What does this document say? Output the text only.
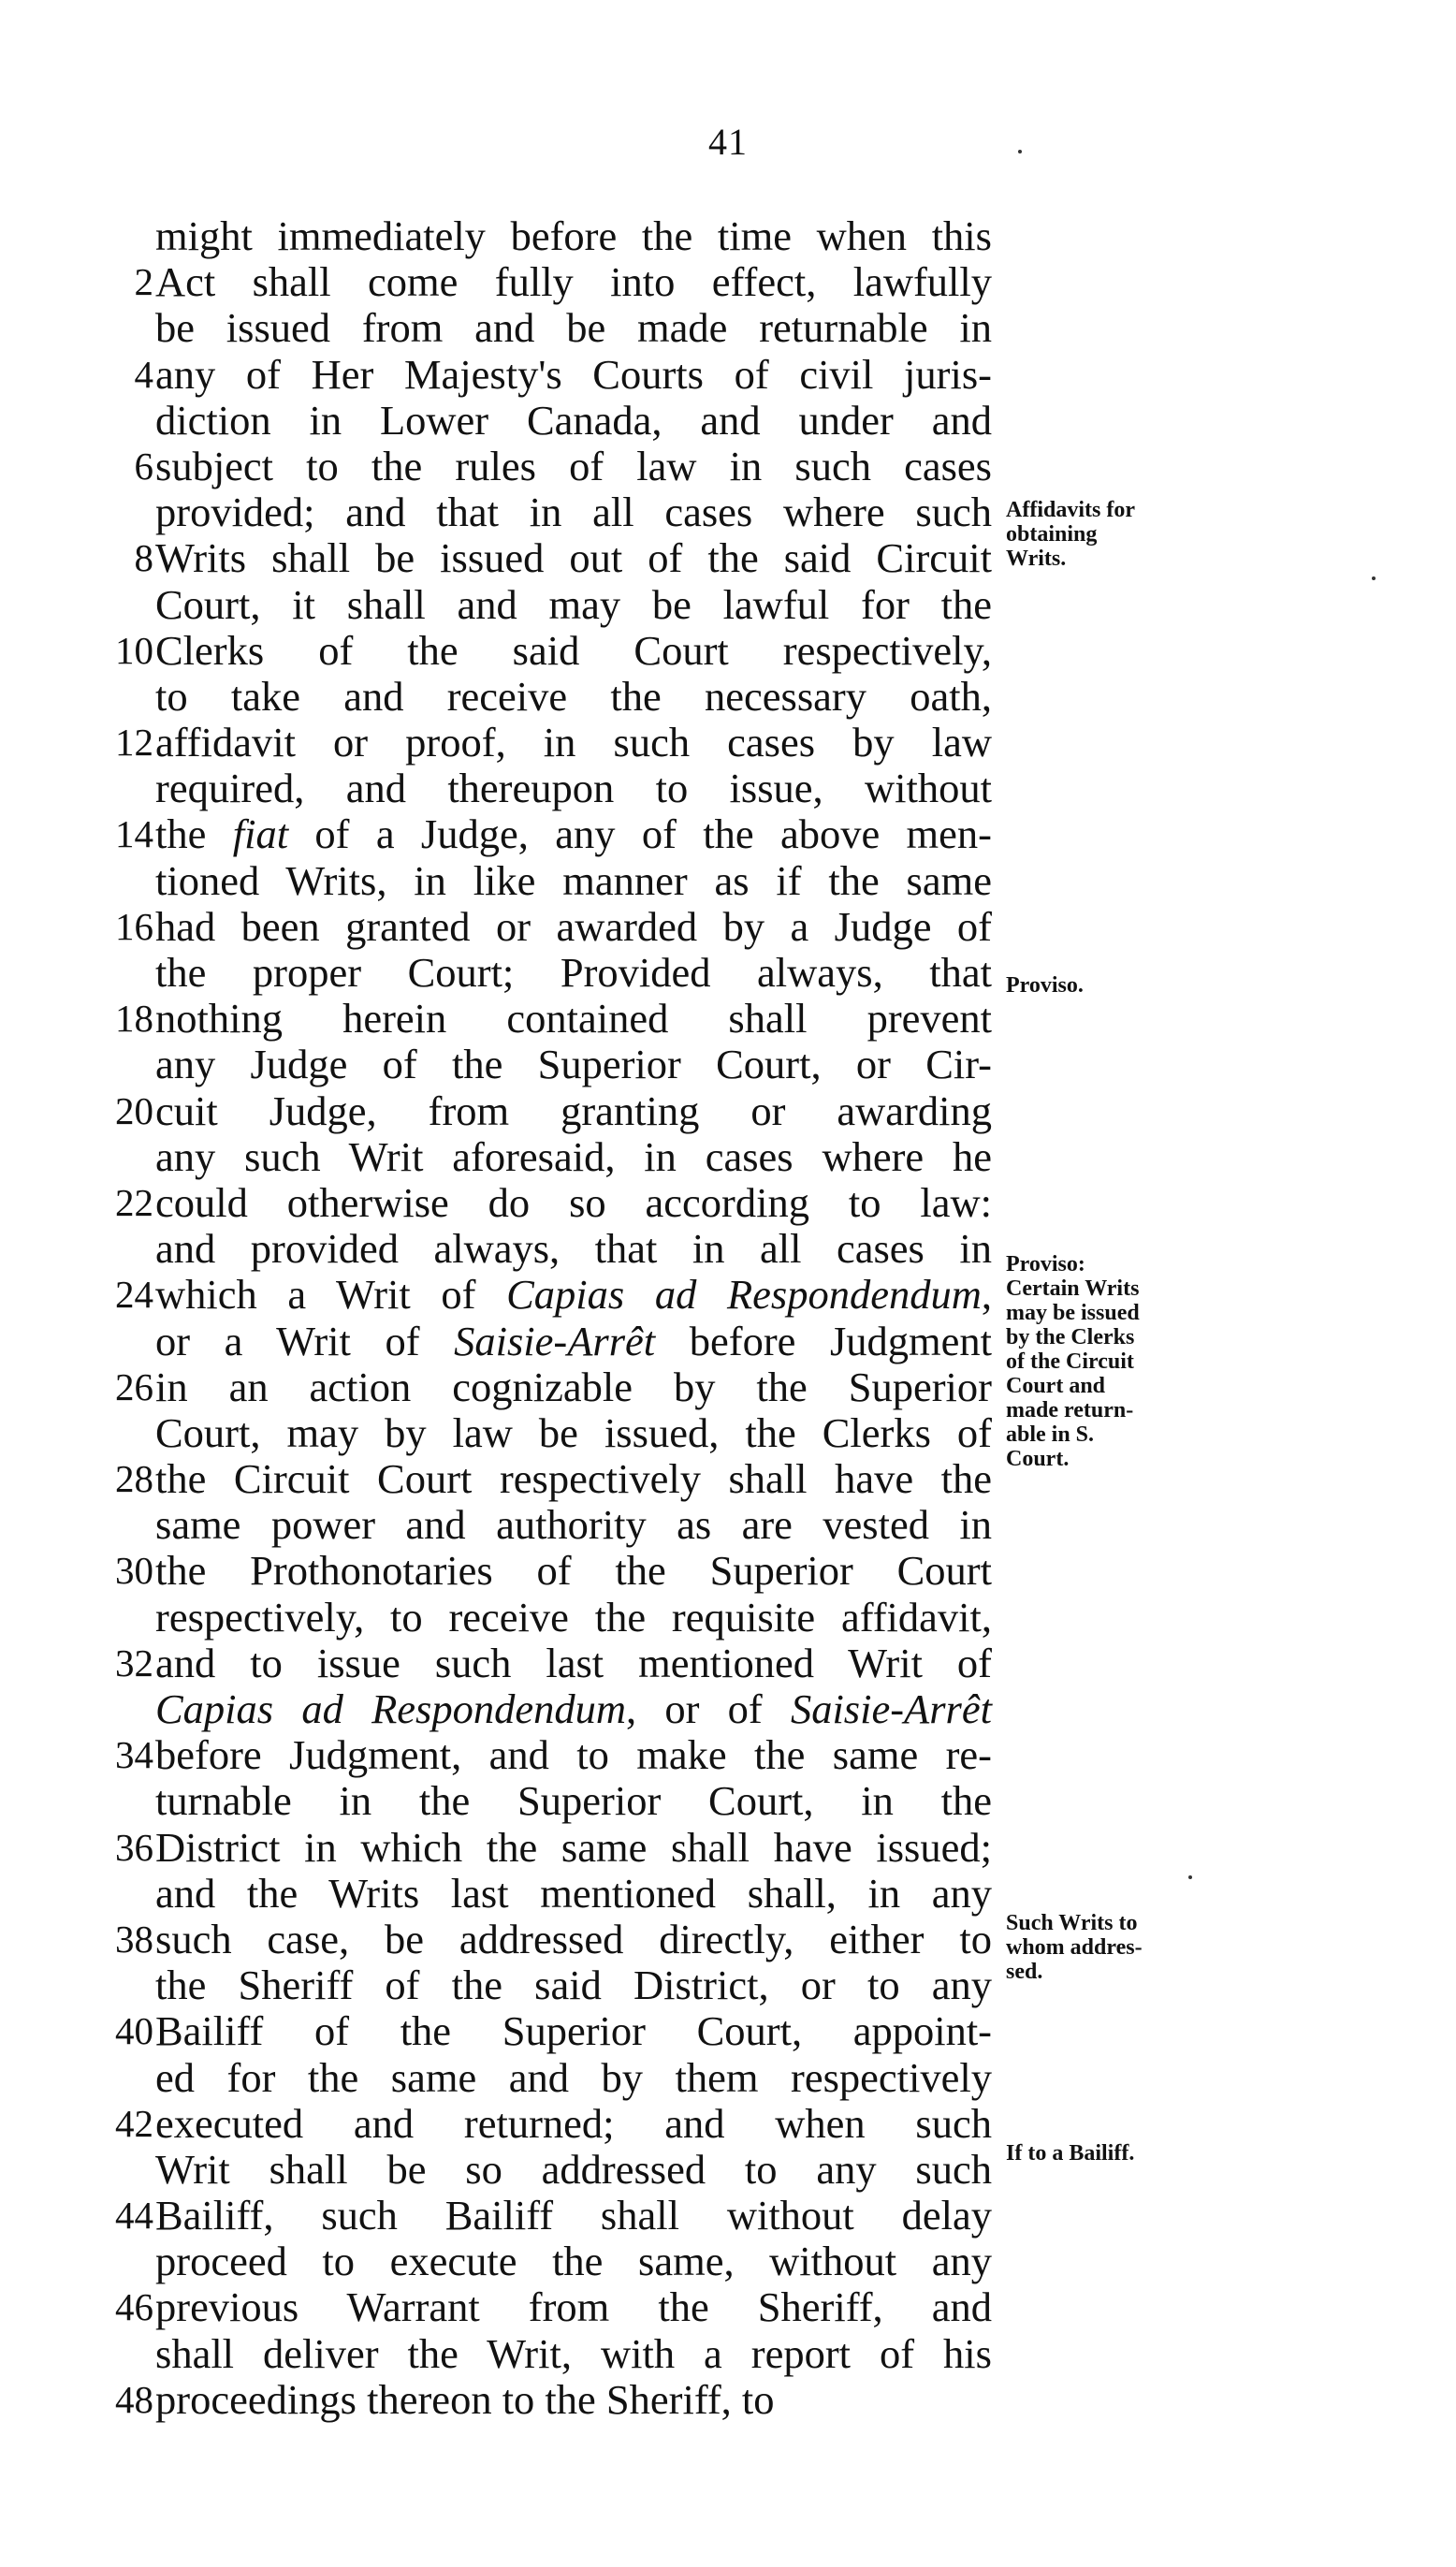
41
might immediately before the time when this
2 Act shall come fully into effect, lawfully
be issued from and be made returnable in
4 any of Her Majesty's Courts of civil juris-
diction in Lower Canada, and under and
6 subject to the rules of law in such cases
provided; and that in all cases where such
8 Writs shall be issued out of the said Circuit
Court, it shall and may be lawful for the
10 Clerks of the said Court respectively,
to take and receive the necessary oath,
12 affidavit or proof, in such cases by law
required, and thereupon to issue, without
14 the fiat of a Judge, any of the above men-
tioned Writs, in like manner as if the same
16 had been granted or awarded by a Judge of
the proper Court; Provided always, that
18 nothing herein contained shall prevent
any Judge of the Superior Court, or Cir-
20 cuit Judge, from granting or awarding
any such Writ aforesaid, in cases where he
22 could otherwise do so according to law:
and provided always, that in all cases in
24 which a Writ of Capias ad Respondendum,
or a Writ of Saisie-Arrêt before Judgment
26 in an action cognizable by the Superior
Court, may by law be issued, the Clerks of
28 the Circuit Court respectively shall have the
same power and authority as are vested in
30 the Prothonotaries of the Superior Court
respectively, to receive the requisite affidavit,
32 and to issue such last mentioned Writ of
Capias ad Respondendum, or of Saisie-Arrêt
34 before Judgment, and to make the same re-
turnable in the Superior Court, in the
36 District in which the same shall have issued;
and the Writs last mentioned shall, in any
38 such case, be addressed directly, either to
the Sheriff of the said District, or to any
40 Bailiff of the Superior Court, appoint-
ed for the same and by them respectively
42 executed and returned; and when such
Writ shall be so addressed to any such
44 Bailiff, such Bailiff shall without delay
proceed to execute the same, without any
46 previous Warrant from the Sheriff, and
shall deliver the Writ, with a report of his
48 proceedings thereon to the Sheriff, to
Affidavits for
obtaining
Writs.
Proviso.
Proviso:
Certain Writs
may be issued
by the Clerks
of the Circuit
Court and
made return-
able in S.
Court.
Such Writs to
whom addres-
sed.
If to a Bailiff.
